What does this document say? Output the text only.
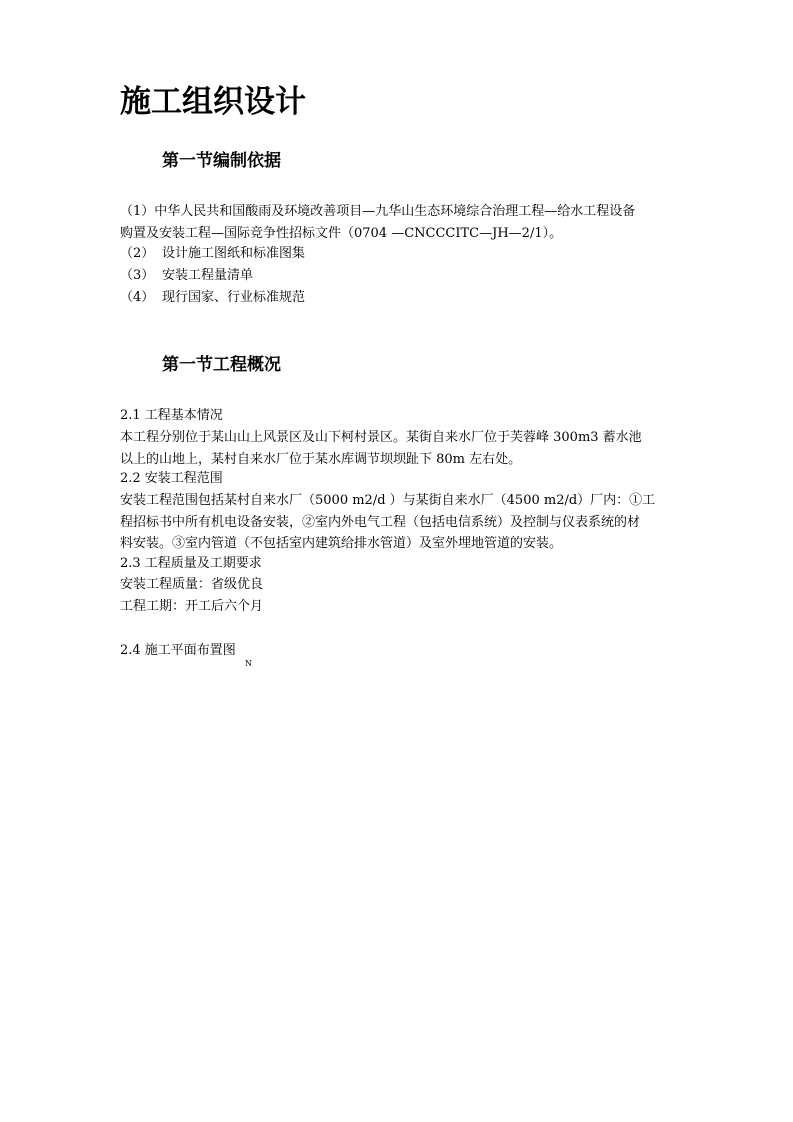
施工组织设计
第一节编制依据

（1）中华人民共和国酸雨及环境改善项目—九华山生态环境综合治理工程—给水工程设备

购置及安装工程—国际竞争性招标文件（0704 —CNCCCITC—JH—2/1）。

（2） 设计施工图纸和标准图集

（3） 安装工程量清单

（4） 现行国家、行业标准规范

第一节工程概况

2.1 工程基本情况

本工程分别位于某山山上风景区及山下柯村景区。某街自来水厂位于芙蓉峰 300m3 蓄水池

以上的山地上，某村自来水厂位于某水库调节坝坝趾下 80m 左右处。

2.2 安装工程范围

安装工程范围包括某村自来水厂（5000 m2/d ）与某街自来水厂（4500 m2/d）厂内：①工

程招标书中所有机电设备安装，②室内外电气工程（包括电信系统）及控制与仪表系统的材

料安装。③室内管道（不包括室内建筑给排水管道）及室外埋地管道的安装。

2.3 工程质量及工期要求

安装工程质量：省级优良

工程工期：开工后六个月

2.4 施工平面布置图

N
